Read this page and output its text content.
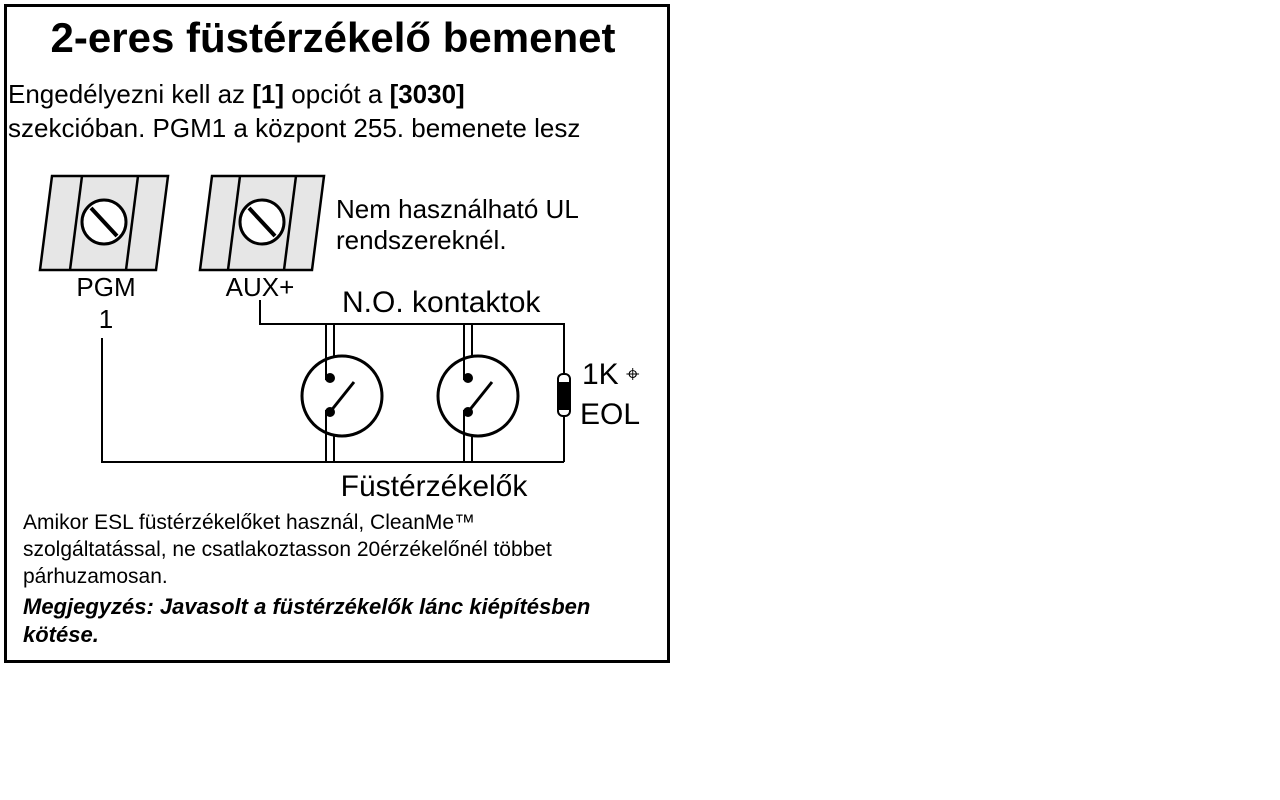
2-eres füstérzékelő bemenet
Engedélyezni kell az [1] opciót a [3030]
szekcióban. PGM1 a központ 255. bemenete lesz
PGM
1
AUX+
Nem használható UL
rendszereknél.
N.O. kontaktok
1K ⌖
EOL
Füstérzékelők
Amikor ESL füstérzékelőket használ, CleanMe™
szolgáltatással, ne csatlakoztasson 20érzékelőnél többet
párhuzamosan.
Megjegyzés: Javasolt a füstérzékelők lánc kiépítésben kötése.
